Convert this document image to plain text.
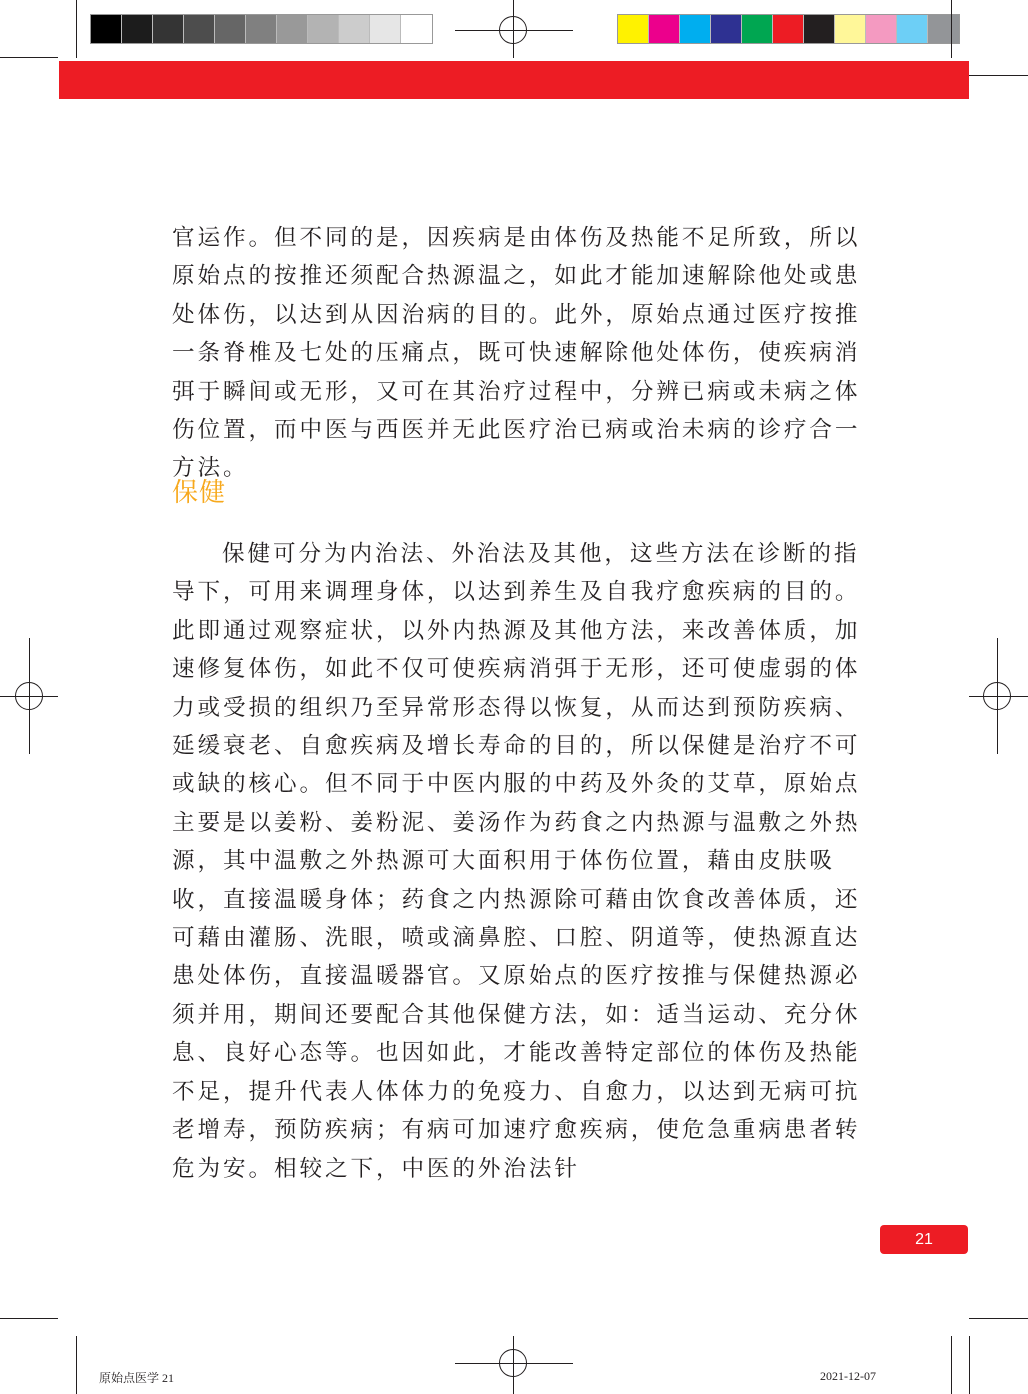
官运作。但不同的是，因疾病是由体伤及热能不足所致，所以原始点的按推还须配合热源温之，如此才能加速解除他处或患处体伤，以达到从因治病的目的。此外，原始点通过医疗按推一条脊椎及七处的压痛点，既可快速解除他处体伤，使疾病消弭于瞬间或无形，又可在其治疗过程中，分辨已病或未病之体伤位置，而中医与西医并无此医疗治已病或治未病的诊疗合一方法。

保健

保健可分为内治法、外治法及其他，这些方法在诊断的指导下，可用来调理身体，以达到养生及自我疗愈疾病的目的。此即通过观察症状，以外内热源及其他方法，来改善体质，加速修复体伤，如此不仅可使疾病消弭于无形，还可使虚弱的体力或受损的组织乃至异常形态得以恢复，从而达到预防疾病、延缓衰老、自愈疾病及增长寿命的目的，所以保健是治疗不可或缺的核心。但不同于中医内服的中药及外灸的艾草，原始点主要是以姜粉、姜粉泥、姜汤作为药食之内热源与温敷之外热源，其中温敷之外热源可大面积用于体伤位置，藉由皮肤吸收，直接温暖身体；药食之内热源除可藉由饮食改善体质，还可藉由灌肠、洗眼，喷或滴鼻腔、口腔、阴道等，使热源直达患处体伤，直接温暖器官。又原始点的医疗按推与保健热源必须并用，期间还要配合其他保健方法，如：适当运动、充分休息、良好心态等。也因如此，才能改善特定部位的体伤及热能不足，提升代表人体体力的免疫力、自愈力，以达到无病可抗老增寿，预防疾病；有病可加速疗愈疾病，使危急重病患者转危为安。相较之下，中医的外治法针

21
原始点医学 21	2021-12-07
